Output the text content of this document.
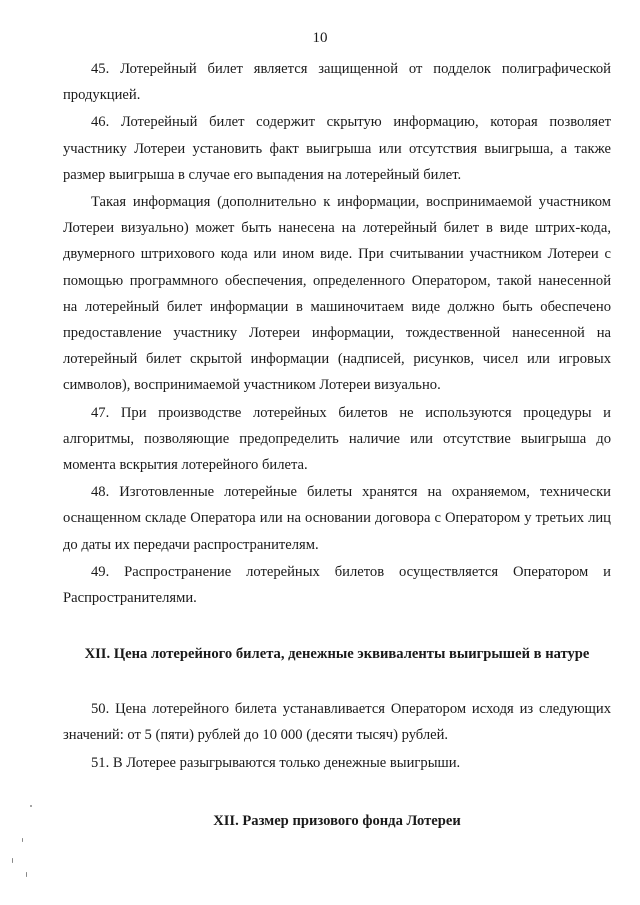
10

45. Лотерейный билет является защищенной от подделок полиграфической продукцией.

46. Лотерейный билет содержит скрытую информацию, которая позволяет участнику Лотереи установить факт выигрыша или отсутствия выигрыша, а также размер выигрыша в случае его выпадения на лотерейный билет.

Такая информация (дополнительно к информации, воспринимаемой участником Лотереи визуально) может быть нанесена на лотерейный билет в виде штрих-кода, двумерного штрихового кода или ином виде. При считывании участником Лотереи с помощью программного обеспечения, определенного Оператором, такой нанесенной на лотерейный билет информации в машиночитаем виде должно быть обеспечено предоставление участнику Лотереи информации, тождественной нанесенной на лотерейный билет скрытой информации (надписей, рисунков, чисел или игровых символов), воспринимаемой участником Лотереи визуально.

47. При производстве лотерейных билетов не используются процедуры и алгоритмы, позволяющие предопределить наличие или отсутствие выигрыша до момента вскрытия лотерейного билета.

48. Изготовленные лотерейные билеты хранятся на охраняемом, технически оснащенном складе Оператора или на основании договора с Оператором у третьих лиц до даты их передачи распространителям.

49. Распространение лотерейных билетов осуществляется Оператором и Распространителями.

XII. Цена лотерейного билета, денежные эквиваленты выигрышей в натуре

50. Цена лотерейного билета устанавливается Оператором исходя из следующих значений: от 5 (пяти) рублей до 10 000 (десяти тысяч) рублей.

51. В Лотерее разыгрываются только денежные выигрыши.

XII. Размер призового фонда Лотереи
